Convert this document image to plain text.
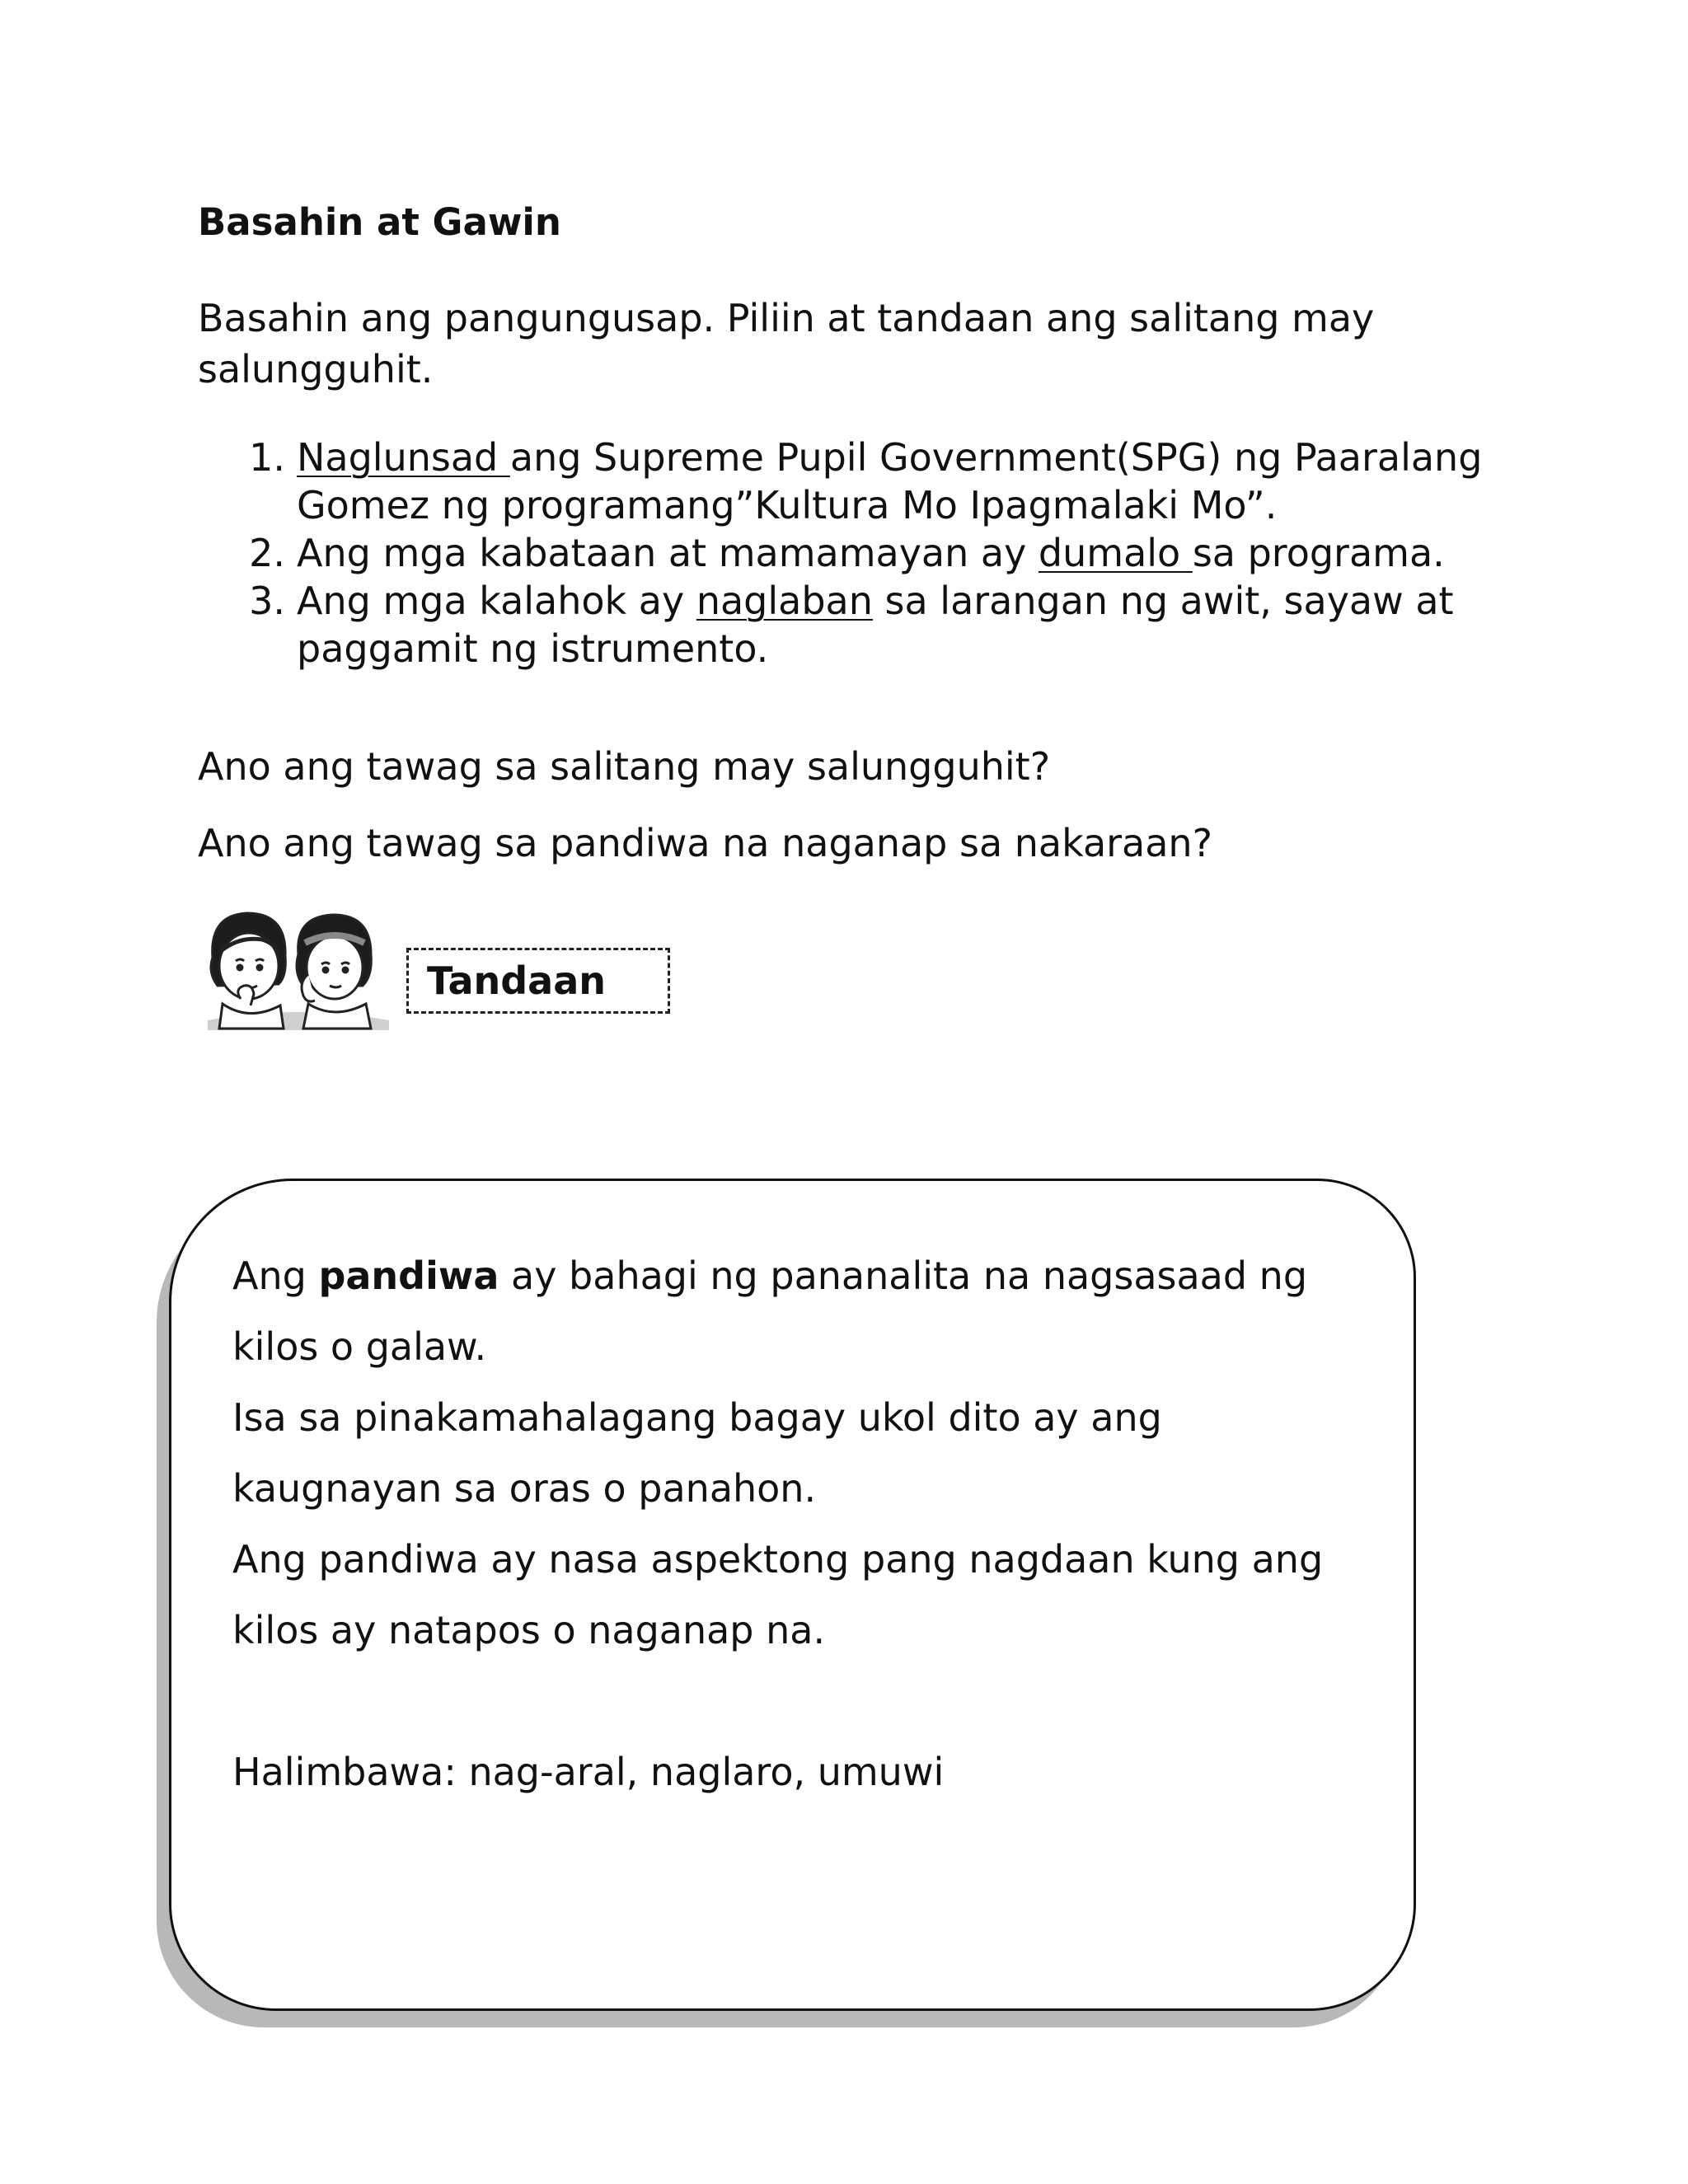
Basahin at Gawin
Basahin ang pangungusap. Piliin at tandaan ang salitang may salungguhit.
1. Naglunsad ang Supreme Pupil Government(SPG) ng Paaralang
Gomez ng programang”Kultura Mo Ipagmalaki Mo”.
2. Ang mga kabataan at mamamayan ay dumalo sa programa.
3. Ang mga kalahok ay naglaban sa larangan ng awit, sayaw at
paggamit ng istrumento.
Ano ang tawag sa salitang may salungguhit?
Ano ang tawag sa pandiwa na naganap sa nakaraan?
Tandaan
Ang pandiwa ay bahagi ng pananalita na nagsasaad ng
kilos o galaw.
Isa sa pinakamahalagang bagay ukol dito ay ang
kaugnayan sa oras o panahon.
Ang pandiwa ay nasa aspektong pang nagdaan kung ang
kilos ay natapos o naganap na.
Halimbawa: nag-aral, naglaro, umuwi
